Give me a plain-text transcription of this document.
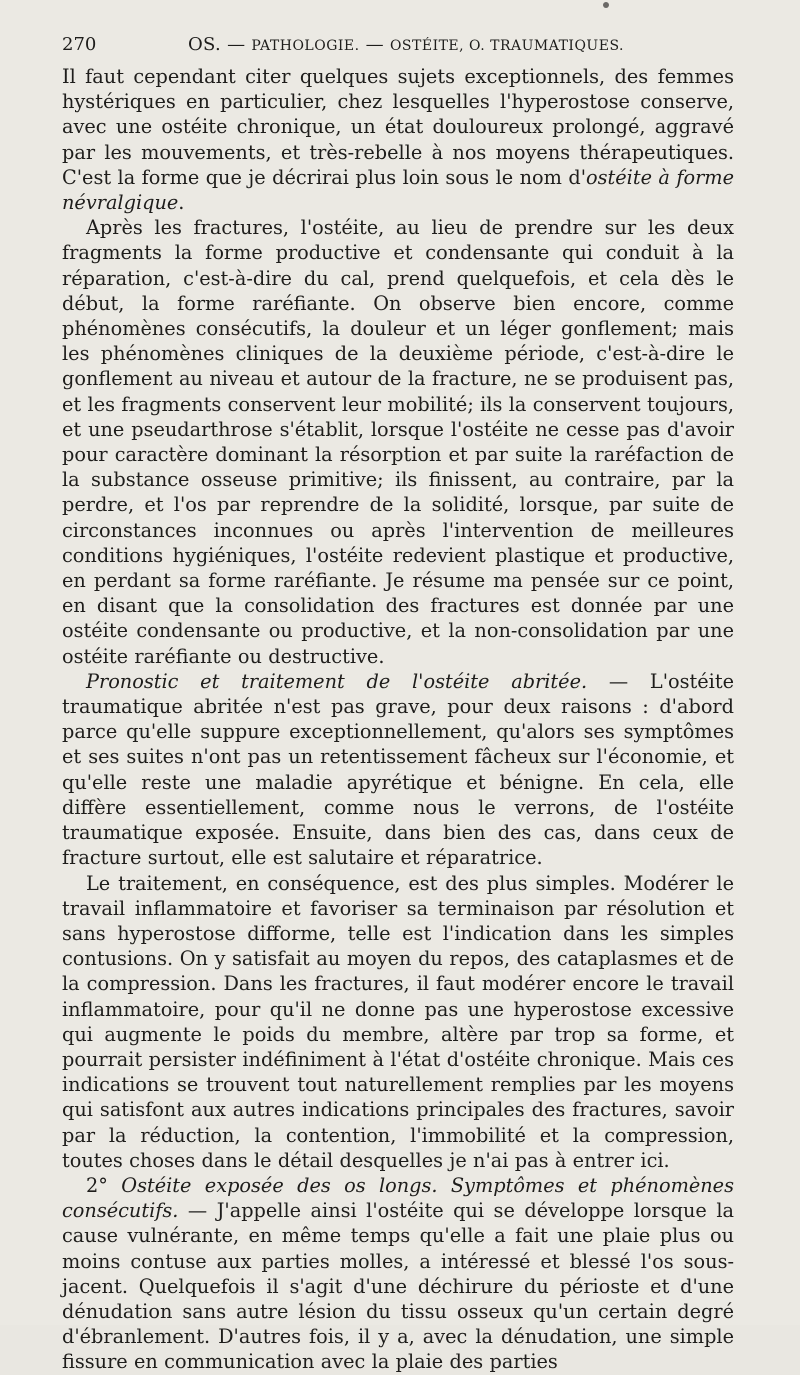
270	OS. — PATHOLOGIE. — OSTÉITE, O. TRAUMATIQUES.

Il faut cependant citer quelques sujets exceptionnels, des femmes hystériques en particulier, chez lesquelles l'hyperostose conserve, avec une ostéite chronique, un état douloureux prolongé, aggravé par les mouvements, et très-rebelle à nos moyens thérapeutiques. C'est la forme que je décrirai plus loin sous le nom d'ostéite à forme névralgique.

Après les fractures, l'ostéite, au lieu de prendre sur les deux fragments la forme productive et condensante qui conduit à la réparation, c'est-à-dire du cal, prend quelquefois, et cela dès le début, la forme raréfiante. On observe bien encore, comme phénomènes consécutifs, la douleur et un léger gonflement; mais les phénomènes cliniques de la deuxième période, c'est-à-dire le gonflement au niveau et autour de la fracture, ne se produisent pas, et les fragments conservent leur mobilité; ils la conservent toujours, et une pseudarthrose s'établit, lorsque l'ostéite ne cesse pas d'avoir pour caractère dominant la résorption et par suite la raréfaction de la substance osseuse primitive; ils finissent, au contraire, par la perdre, et l'os par reprendre de la solidité, lorsque, par suite de circonstances inconnues ou après l'intervention de meilleures conditions hygiéniques, l'ostéite redevient plastique et productive, en perdant sa forme raréfiante. Je résume ma pensée sur ce point, en disant que la consolidation des fractures est donnée par une ostéite condensante ou productive, et la non-consolidation par une ostéite raréfiante ou destructive.

Pronostic et traitement de l'ostéite abritée. — L'ostéite traumatique abritée n'est pas grave, pour deux raisons : d'abord parce qu'elle suppure exceptionnellement, qu'alors ses symptômes et ses suites n'ont pas un retentissement fâcheux sur l'économie, et qu'elle reste une maladie apyrétique et bénigne. En cela, elle diffère essentiellement, comme nous le verrons, de l'ostéite traumatique exposée. Ensuite, dans bien des cas, dans ceux de fracture surtout, elle est salutaire et réparatrice.

Le traitement, en conséquence, est des plus simples. Modérer le travail inflammatoire et favoriser sa terminaison par résolution et sans hyperostose difforme, telle est l'indication dans les simples contusions. On y satisfait au moyen du repos, des cataplasmes et de la compression. Dans les fractures, il faut modérer encore le travail inflammatoire, pour qu'il ne donne pas une hyperostose excessive qui augmente le poids du membre, altère par trop sa forme, et pourrait persister indéfiniment à l'état d'ostéite chronique. Mais ces indications se trouvent tout naturellement remplies par les moyens qui satisfont aux autres indications principales des fractures, savoir par la réduction, la contention, l'immobilité et la compression, toutes choses dans le détail desquelles je n'ai pas à entrer ici.

2° Ostéite exposée des os longs. Symptômes et phénomènes consécutifs. — J'appelle ainsi l'ostéite qui se développe lorsque la cause vulnérante, en même temps qu'elle a fait une plaie plus ou moins contuse aux parties molles, a intéressé et blessé l'os sous-jacent. Quelquefois il s'agit d'une déchirure du périoste et d'une dénudation sans autre lésion du tissu osseux qu'un certain degré d'ébranlement. D'autres fois, il y a, avec la dénudation, une simple fissure en communication avec la plaie des parties
